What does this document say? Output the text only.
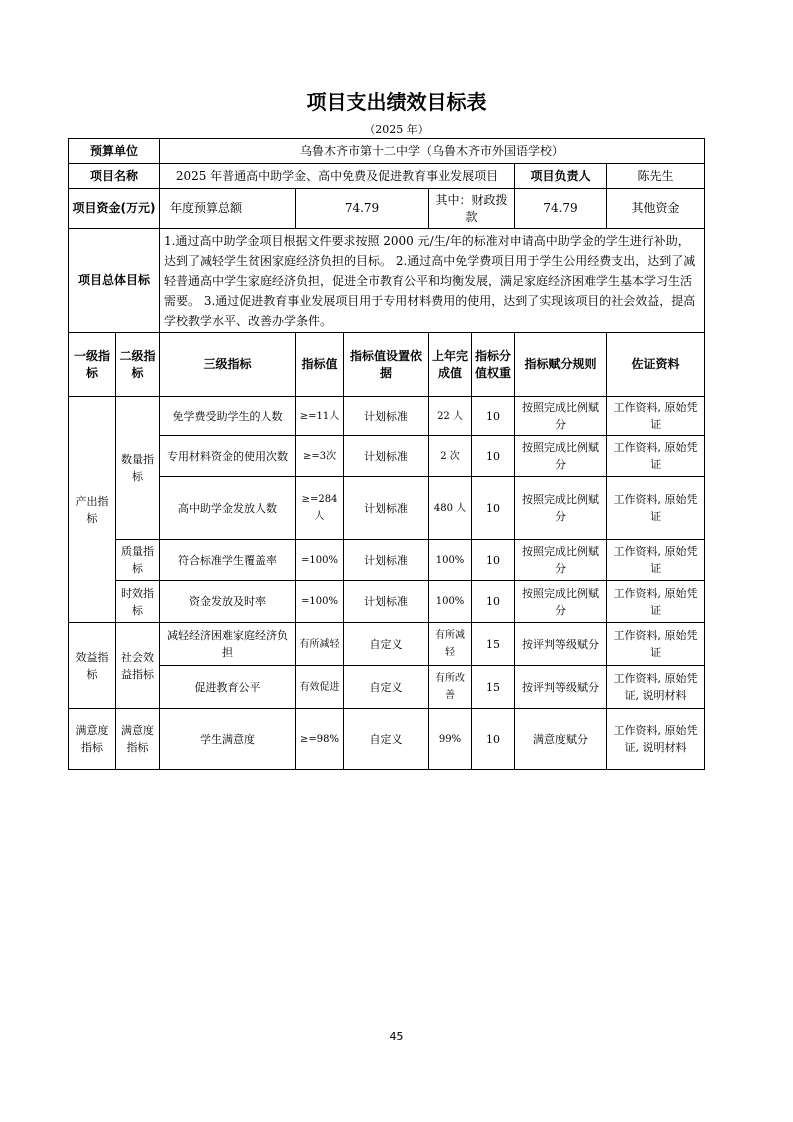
项目支出绩效目标表
（2025 年）
预算单位		乌鲁木齐市第十二中学（乌鲁木齐市外国语学校）						
项目名称		2025 年普通高中助学金、高中免费及促进教育事业发展项目					项目负责人	陈先生
项目资金(万元)		年度预算总额	74.79		其中：财政拨款		74.79	其他资金
项目总体目标		1.通过高中助学金项目根据文件要求按照 2000 元/生/年的标准对申请高中助学金的学生进行补助，达到了减轻学生贫困家庭经济负担的目标。 2.通过高中免学费项目用于学生公用经费支出，达到了减轻普通高中学生家庭经济负担，促进全市教育公平和均衡发展，满足家庭经济困难学生基本学习生活需要。 3.通过促进教育事业发展项目用于专用材料费用的使用，达到了实现该项目的社会效益，提高学校教学水平、改善办学条件。						
一级指标	二级指标	三级指标	指标值	指标值设置依据	上年完成值	指标分值权重	指标赋分规则	佐证资料
产出指标	数量指标	免学费受助学生的人数	≥=11人	计划标准	22 人	10	按照完成比例赋分	工作资料, 原始凭证
		专用材料资金的使用次数	≥=3次	计划标准	2 次	10	按照完成比例赋分	工作资料, 原始凭证
		高中助学金发放人数	≥=284人	计划标准	480 人	10	按照完成比例赋分	工作资料, 原始凭证
	质量指标	符合标准学生覆盖率	=100%	计划标准	100%	10	按照完成比例赋分	工作资料, 原始凭证
	时效指标	资金发放及时率	=100%	计划标准	100%	10	按照完成比例赋分	工作资料, 原始凭证
效益指标	社会效益指标	减轻经济困难家庭经济负担	有所减轻	自定义	有所减轻	15	按评判等级赋分	工作资料, 原始凭证
		促进教育公平	有效促进	自定义	有所改善	15	按评判等级赋分	工作资料, 原始凭证, 说明材料
满意度指标	满意度指标	学生满意度	≥=98%	自定义	99%	10	满意度赋分	工作资料, 原始凭证, 说明材料
45
